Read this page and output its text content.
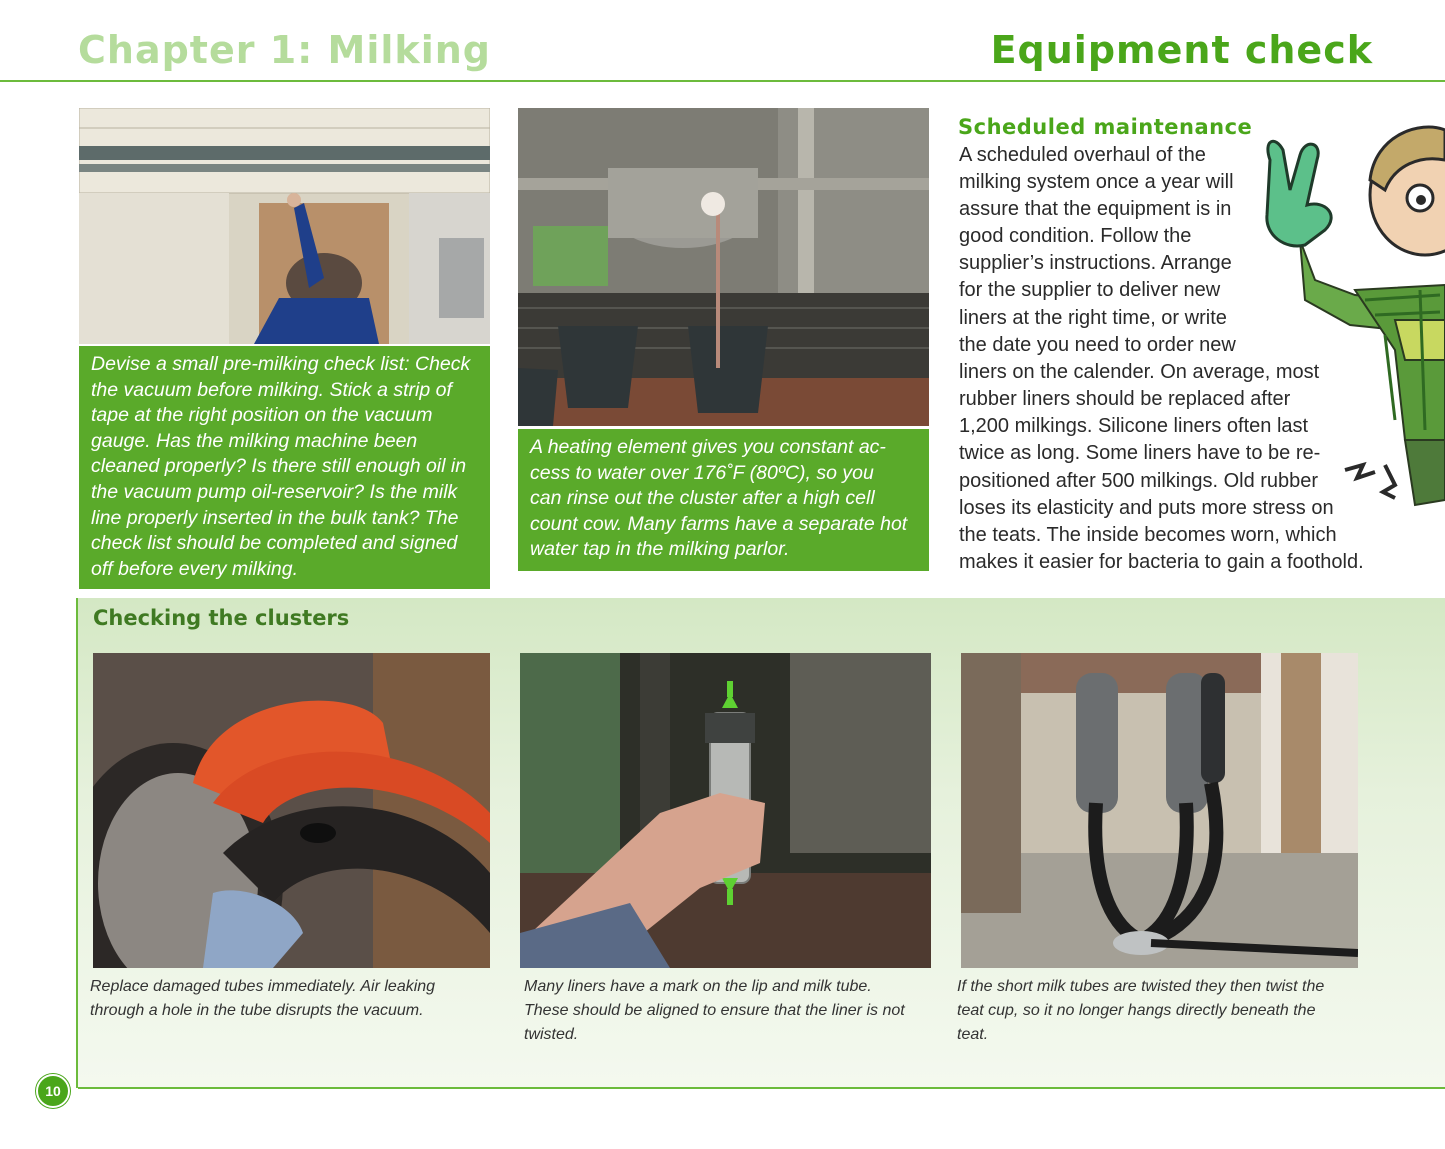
Chapter 1: Milking	Equipment check
Devise a small pre-milking check list: Check
the vacuum before milking. Stick a strip of
tape at the right position on the vacuum
gauge. Has the milking machine been
cleaned properly? Is there still enough oil in
the vacuum pump oil-reservoir? Is the milk
line properly inserted in the bulk tank? The
check list should be completed and signed
off before every milking.
A heating element gives you constant ac-
cess to water over 176˚F (80ºC), so you
can rinse out the cluster after a high cell
count cow. Many farms have a separate hot
water tap in the milking parlor.
Scheduled maintenance
A scheduled overhaul of the
milking system once a year will
assure that the equipment is in
good condition. Follow the
supplier’s instructions. Arrange
for the supplier to deliver new
liners at the right time, or write
the date you need to order new
liners on the calender. On average, most
rubber liners should be replaced after
1,200 milkings. Silicone liners often last
twice as long. Some liners have to be re-
positioned after 500 milkings. Old rubber
loses its elasticity and puts more stress on
the teats. The inside becomes worn, which
makes it easier for bacteria to gain a foothold.
Checking the clusters
Replace damaged tubes immediately. Air leaking
through a hole in the tube disrupts the vacuum.
Many liners have a mark on the lip and milk tube.
These should be aligned to ensure that the liner is not
twisted.
If the short milk tubes are twisted they then twist the
teat cup, so it no longer hangs directly beneath the
teat.
10
